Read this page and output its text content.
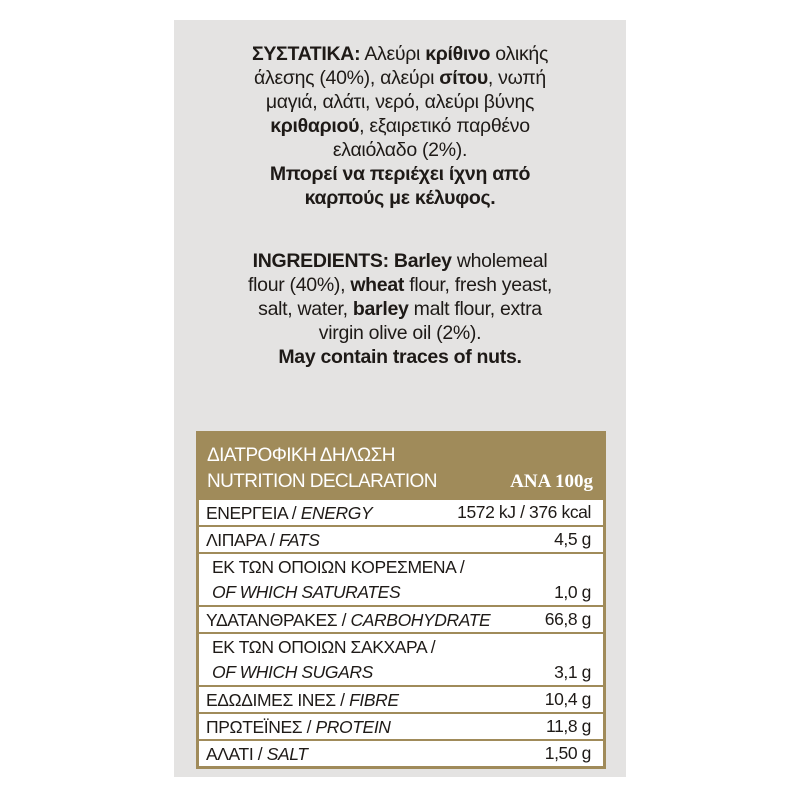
ΣΥΣΤΑΤΙΚΑ: Αλεύρι κρίθινο ολικής
άλεσης (40%), αλεύρι σίτου, νωπή
μαγιά, αλάτι, νερό, αλεύρι βύνης
κριθαριού, εξαιρετικό παρθένο
ελαιόλαδο (2%).
Μπορεί να περιέχει ίχνη από
καρπούς με κέλυφος.
INGREDIENTS: Barley wholemeal
flour (40%), wheat flour, fresh yeast,
salt, water, barley malt flour, extra
virgin olive oil (2%).
May contain traces of nuts.
ΔΙΑΤΡΟΦΙΚΗ ΔΗΛΩΣΗ
NUTRITION DECLARATION	ΑΝΑ 100g
ΕΝΕΡΓΕΙΑ / ENERGY	1572 kJ / 376 kcal
ΛΙΠΑΡΑ / FATS	4,5 g
ΕΚ ΤΩΝ ΟΠΟΙΩΝ ΚΟΡΕΣΜΕΝΑ /
OF WHICH SATURATES	1,0 g
ΥΔΑΤΑΝΘΡΑΚΕΣ / CARBOHYDRATE	66,8 g
ΕΚ ΤΩΝ ΟΠΟΙΩΝ ΣΑΚΧΑΡΑ /
OF WHICH SUGARS	3,1 g
ΕΔΩΔΙΜΕΣ ΙΝΕΣ / FIBRE	10,4 g
ΠΡΩΤΕΪΝΕΣ / PROTEIN	11,8 g
ΑΛΑΤΙ / SALT	1,50 g
